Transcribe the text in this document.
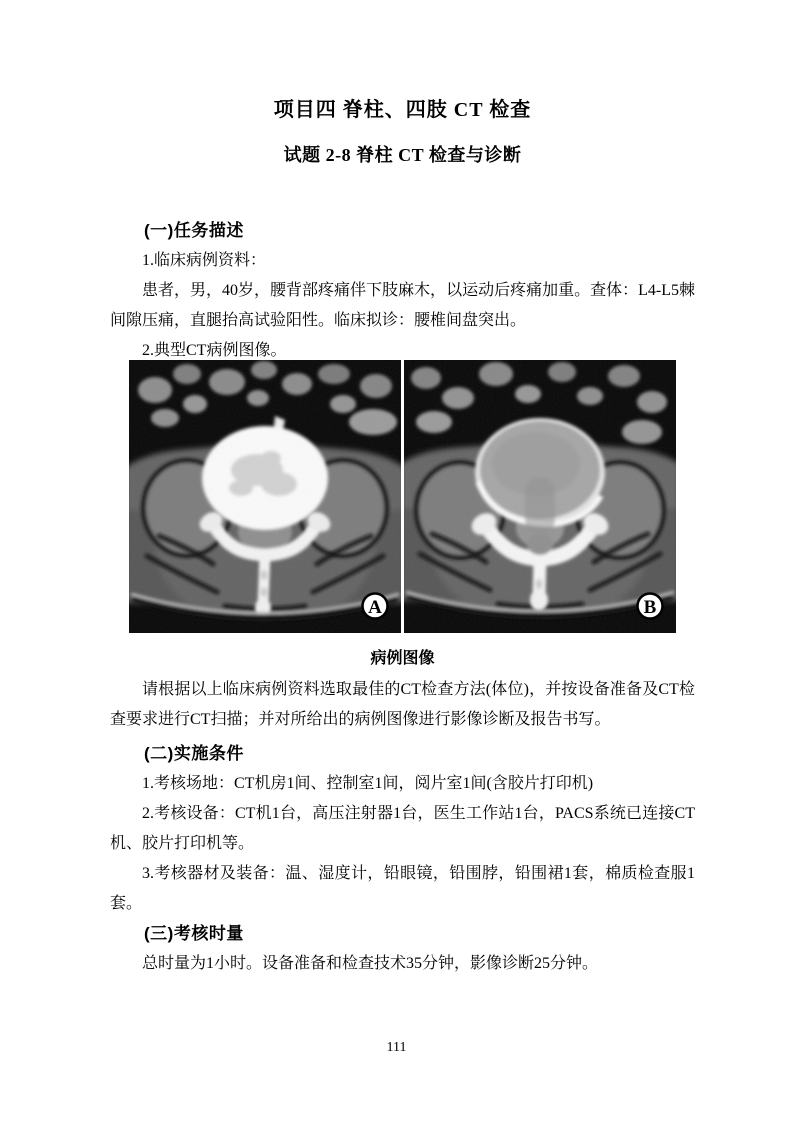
项目四 脊柱、四肢 CT 检查
试题 2-8 脊柱 CT 检查与诊断
(一)任务描述

1.临床病例资料：

患者，男，40岁，腰背部疼痛伴下肢麻木，以运动后疼痛加重。查体：L4-L5棘间隙压痛，直腿抬高试验阳性。临床拟诊：腰椎间盘突出。

2.典型CT病例图像。

A	B
病例图像

请根据以上临床病例资料选取最佳的CT检查方法(体位)，并按设备准备及CT检查要求进行CT扫描；并对所给出的病例图像进行影像诊断及报告书写。

(二)实施条件

1.考核场地：CT机房1间、控制室1间，阅片室1间(含胶片打印机)

2.考核设备：CT机1台，高压注射器1台，医生工作站1台，PACS系统已连接CT机、胶片打印机等。

3.考核器材及装备：温、湿度计，铅眼镜，铅围脖，铅围裙1套，棉质检查服1套。

(三)考核时量

总时量为1小时。设备准备和检查技术35分钟，影像诊断25分钟。

111
